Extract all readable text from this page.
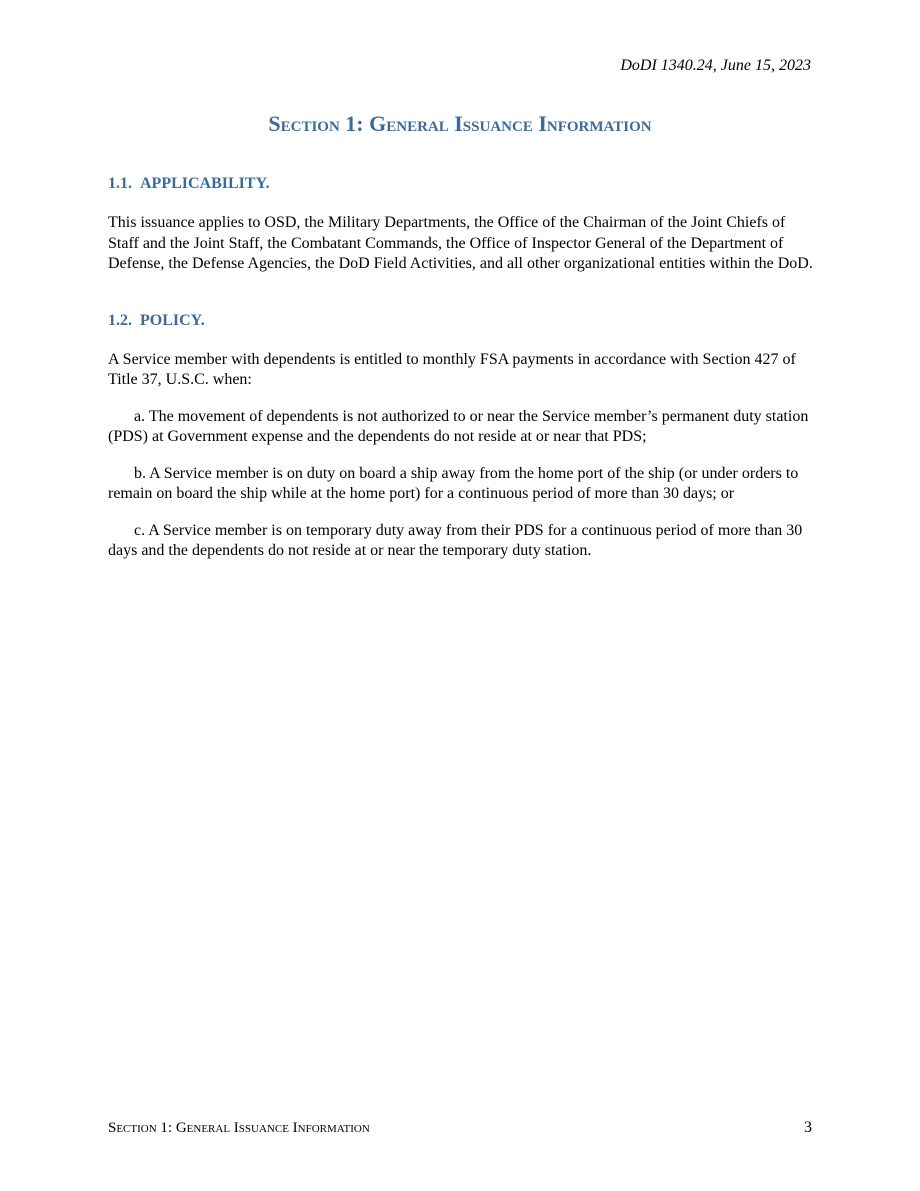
DoDI 1340.24, June 15, 2023
Section 1: General Issuance Information

1.1. APPLICABILITY.

This issuance applies to OSD, the Military Departments, the Office of the Chairman of the Joint Chiefs of Staff and the Joint Staff, the Combatant Commands, the Office of Inspector General of the Department of Defense, the Defense Agencies, the DoD Field Activities, and all other organizational entities within the DoD.

1.2. POLICY.

A Service member with dependents is entitled to monthly FSA payments in accordance with Section 427 of Title 37, U.S.C. when:

a. The movement of dependents is not authorized to or near the Service member’s permanent duty station (PDS) at Government expense and the dependents do not reside at or near that PDS;

b. A Service member is on duty on board a ship away from the home port of the ship (or under orders to remain on board the ship while at the home port) for a continuous period of more than 30 days; or

c. A Service member is on temporary duty away from their PDS for a continuous period of more than 30 days and the dependents do not reside at or near the temporary duty station.

Section 1: General Issuance Information	3
